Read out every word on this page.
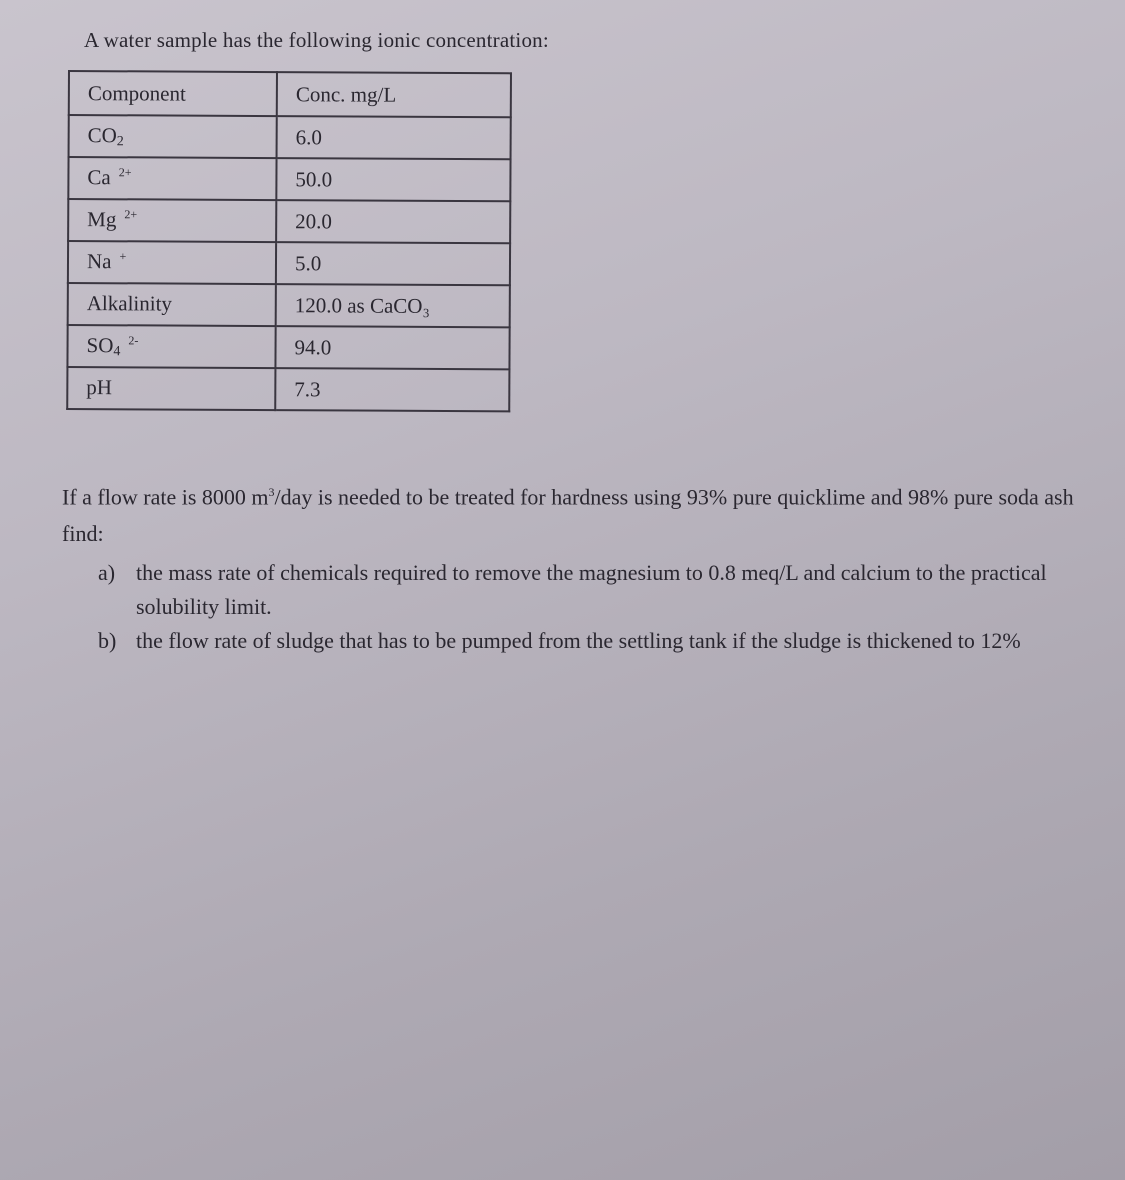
A water sample has the following ionic concentration:
Component	Conc. mg/L
$CO_2$	6.0
Ca $^{2+}$	50.0
Mg $^{2+}$	20.0
Na +	5.0
Alkalinity	120.0 as CaCO₃
$SO_4^{2-}$	94.0
pH	7.3

If a flow rate is 8000 $m^3$/day is needed to be treated for hardness using 93% pure quicklime and 98% pure soda ash find:

a) the mass rate of chemicals required to remove the magnesium to 0.8 meq/L and calcium to the practical solubility limit.
b) the flow rate of sludge that has to be pumped from the settling tank if the sludge is thickened to 12%
